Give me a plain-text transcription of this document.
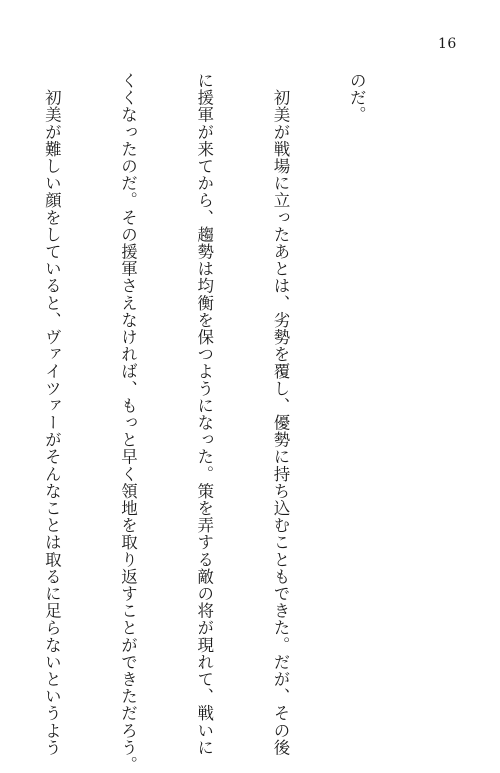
16

のだ。

　初美が戦場に立ったあとは、劣勢を覆し、優勢に持ち込むこともできた。だが、その後

に援軍が来てから、趨勢は均衡を保つようになった。策を弄する敵の将が現れて、戦いに

くくなったのだ。その援軍さえなければ、もっと早く領地を取り返すことができただろう。

　初美が難しい顔をしていると、ヴァイツァーがそんなことは取るに足らないというよう
